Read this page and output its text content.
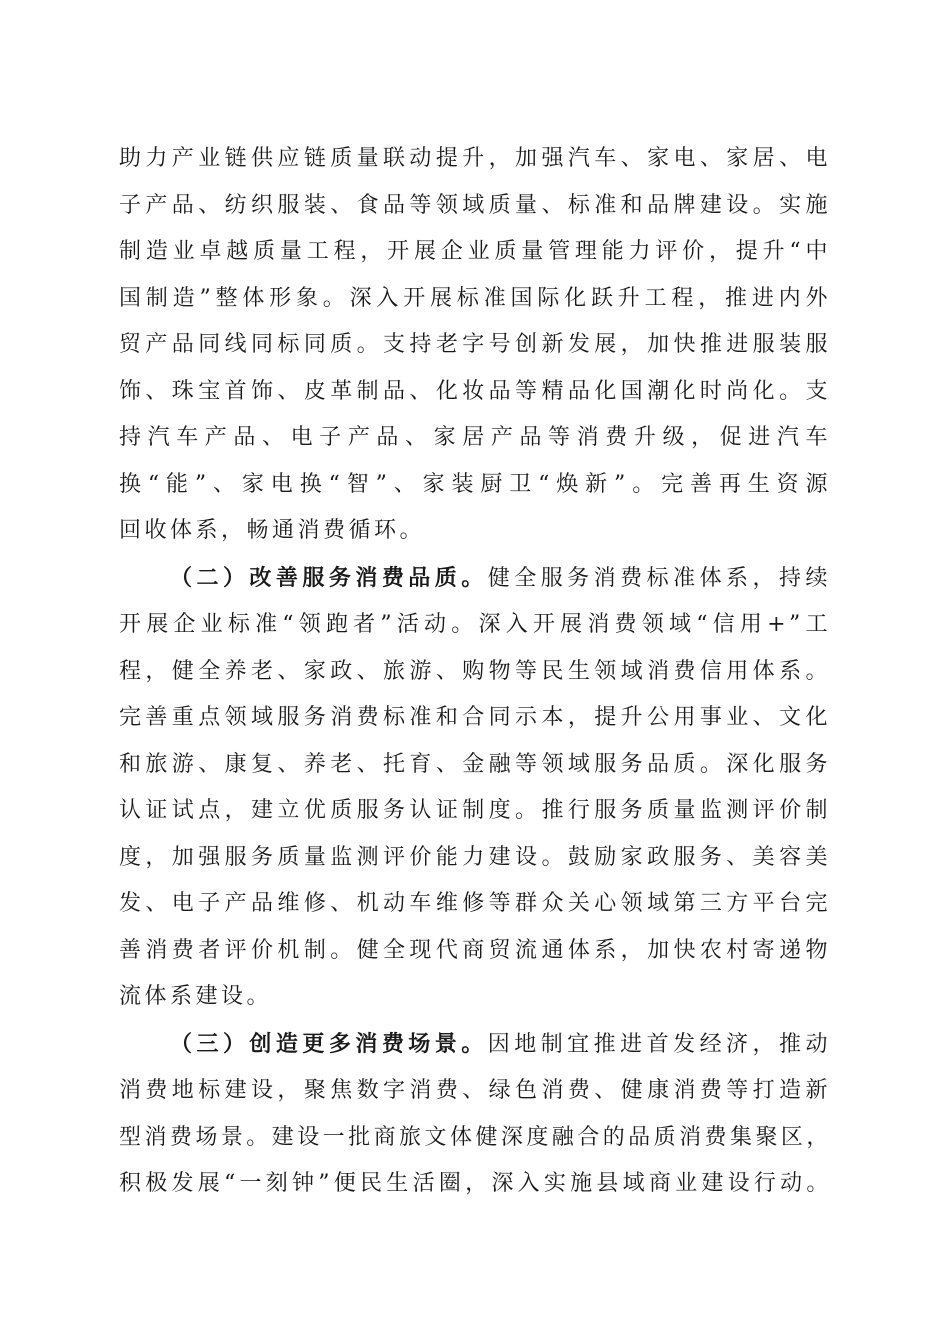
助力产业链供应链质量联动提升，加强汽车、家电、家居、电
子产品、纺织服装、食品等领域质量、标准和品牌建设。实施
制造业卓越质量工程，开展企业质量管理能力评价，提升“中
国制造”整体形象。深入开展标准国际化跃升工程，推进内外
贸产品同线同标同质。支持老字号创新发展，加快推进服装服
饰、珠宝首饰、皮革制品、化妆品等精品化国潮化时尚化。支
持汽车产品、电子产品、家居产品等消费升级，促进汽车
换“能”、家电换“智”、家装厨卫“焕新”。完善再生资源
回收体系，畅通消费循环。

（二）改善服务消费品质。健全服务消费标准体系，持续
开展企业标准“领跑者”活动。深入开展消费领域“信用+”工
程，健全养老、家政、旅游、购物等民生领域消费信用体系。
完善重点领域服务消费标准和合同示本，提升公用事业、文化
和旅游、康复、养老、托育、金融等领域服务品质。深化服务
认证试点，建立优质服务认证制度。推行服务质量监测评价制
度，加强服务质量监测评价能力建设。鼓励家政服务、美容美
发、电子产品维修、机动车维修等群众关心领域第三方平台完
善消费者评价机制。健全现代商贸流通体系，加快农村寄递物
流体系建设。

（三）创造更多消费场景。因地制宜推进首发经济，推动
消费地标建设，聚焦数字消费、绿色消费、健康消费等打造新
型消费场景。建设一批商旅文体健深度融合的品质消费集聚区，
积极发展“一刻钟”便民生活圈，深入实施县域商业建设行动。
